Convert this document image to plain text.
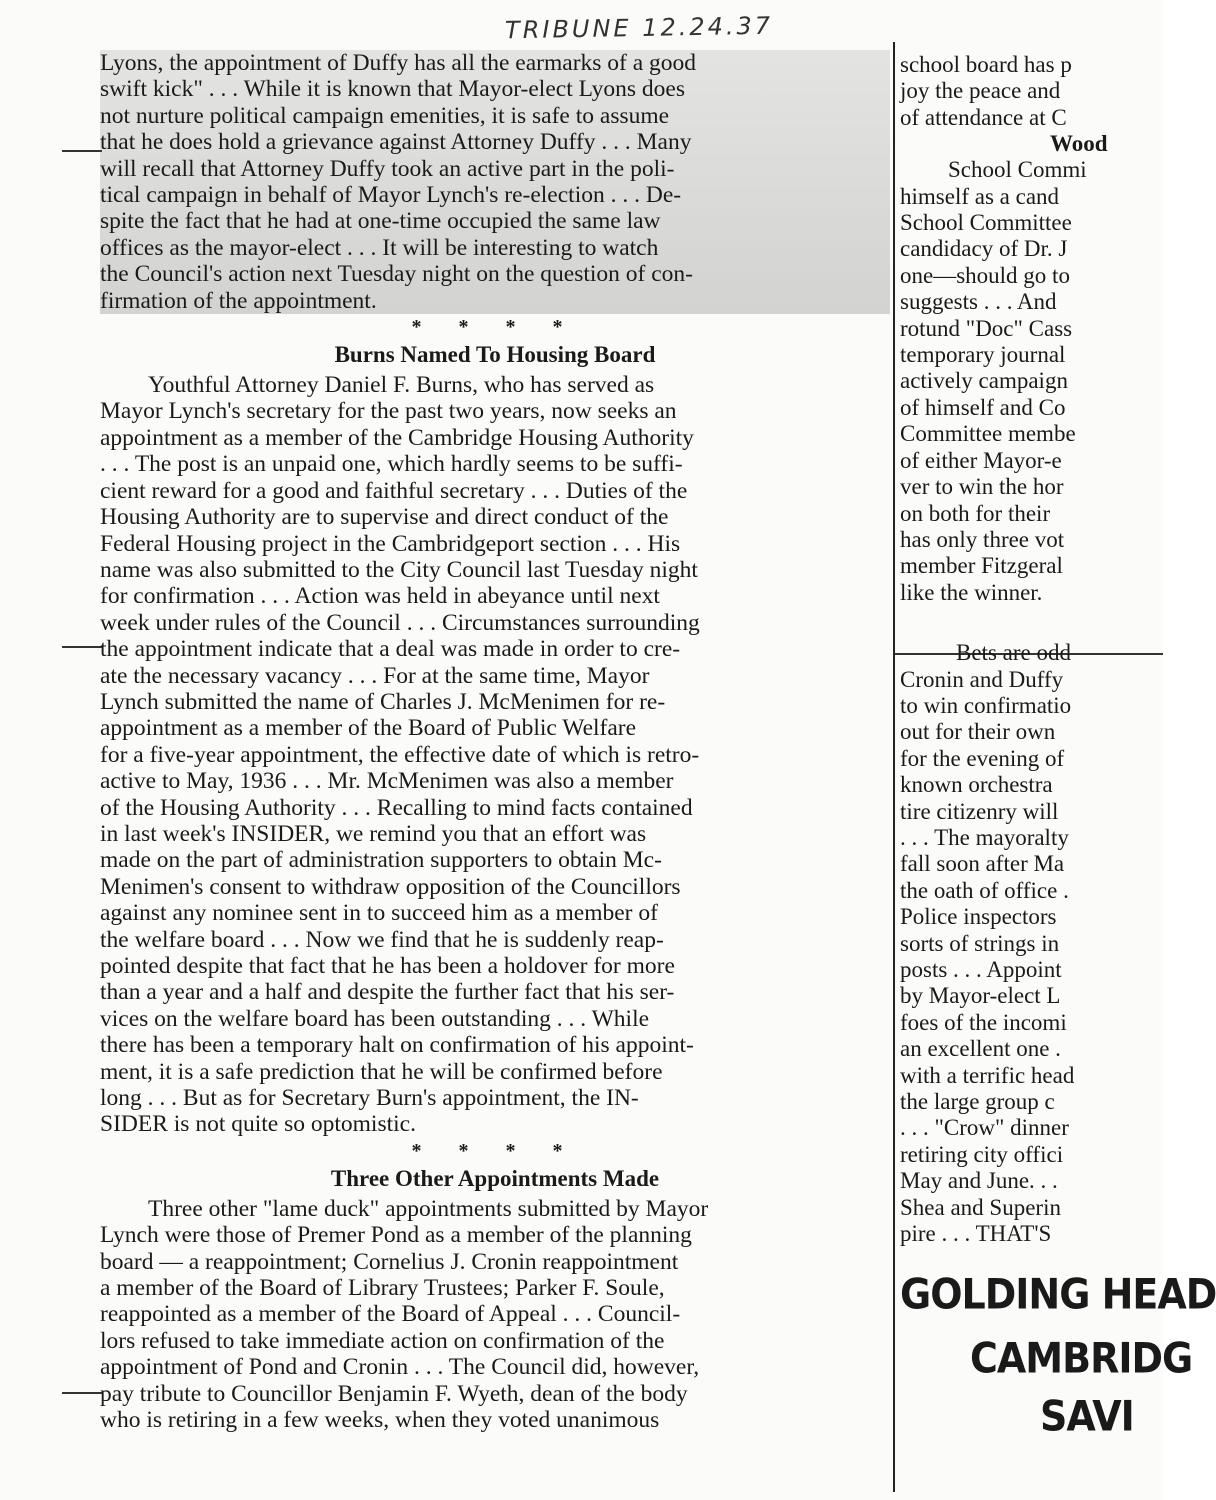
TRIBUNE 12.24.37
Lyons, the appointment of Duffy has all the earmarks of a good
swift kick" . . . While it is known that Mayor-elect Lyons does
not nurture political campaign emenities, it is safe to assume
that he does hold a grievance against Attorney Duffy . . . Many
will recall that Attorney Duffy took an active part in the poli-
tical campaign in behalf of Mayor Lynch's re-election . . . De-
spite the fact that he had at one-time occupied the same law
offices as the mayor-elect . . . It will be interesting to watch
the Council's action next Tuesday night on the question of con-
firmation of the appointment.
* * * *
Burns Named To Housing Board
Youthful Attorney Daniel F. Burns, who has served as
Mayor Lynch's secretary for the past two years, now seeks an
appointment as a member of the Cambridge Housing Authority
. . . The post is an unpaid one, which hardly seems to be suffi-
cient reward for a good and faithful secretary . . . Duties of the
Housing Authority are to supervise and direct conduct of the
Federal Housing project in the Cambridgeport section . . . His
name was also submitted to the City Council last Tuesday night
for confirmation . . . Action was held in abeyance until next
week under rules of the Council . . . Circumstances surrounding
the appointment indicate that a deal was made in order to cre-
ate the necessary vacancy . . . For at the same time, Mayor
Lynch submitted the name of Charles J. McMenimen for re-
appointment as a member of the Board of Public Welfare
for a five-year appointment, the effective date of which is retro-
active to May, 1936 . . . Mr. McMenimen was also a member
of the Housing Authority . . . Recalling to mind facts contained
in last week's INSIDER, we remind you that an effort was
made on the part of administration supporters to obtain Mc-
Menimen's consent to withdraw opposition of the Councillors
against any nominee sent in to succeed him as a member of
the welfare board . . . Now we find that he is suddenly reap-
pointed despite that fact that he has been a holdover for more
than a year and a half and despite the further fact that his ser-
vices on the welfare board has been outstanding . . . While
there has been a temporary halt on confirmation of his appoint-
ment, it is a safe prediction that he will be confirmed before
long . . . But as for Secretary Burn's appointment, the IN-
SIDER is not quite so optomistic.
* * * *
Three Other Appointments Made
Three other "lame duck" appointments submitted by Mayor
Lynch were those of Premer Pond as a member of the planning
board — a reappointment; Cornelius J. Cronin reappointment
a member of the Board of Library Trustees; Parker F. Soule,
reappointed as a member of the Board of Appeal . . . Council-
lors refused to take immediate action on confirmation of the
appointment of Pond and Cronin . . . The Council did, however,
pay tribute to Councillor Benjamin F. Wyeth, dean of the body
who is retiring in a few weeks, when they voted unanimous
school board has p
joy the peace and
of attendance at C
Wood
School Commi
himself as a cand
School Committee
candidacy of Dr. J
one—should go to
suggests . . . And
rotund "Doc" Cass
temporary journal
actively campaign
of himself and Co
Committee membe
of either Mayor-e
ver to win the hor
on both for their
has only three vot
member Fitzgeral
like the winner.
Bets are odd
Cronin and Duffy
to win confirmatio
out for their own
for the evening of
known orchestra
tire citizenry will
. . . The mayoralty
fall soon after Ma
the oath of office .
Police inspectors
sorts of strings in
posts . . . Appoint
by Mayor-elect L
foes of the incomi
an excellent one .
with a terrific head
the large group c
. . . "Crow" dinner
retiring city offici
May and June. . .
Shea and Superin
pire . . . THAT'S
GOLDING HEAD
CAMBRIDG
SAVI
